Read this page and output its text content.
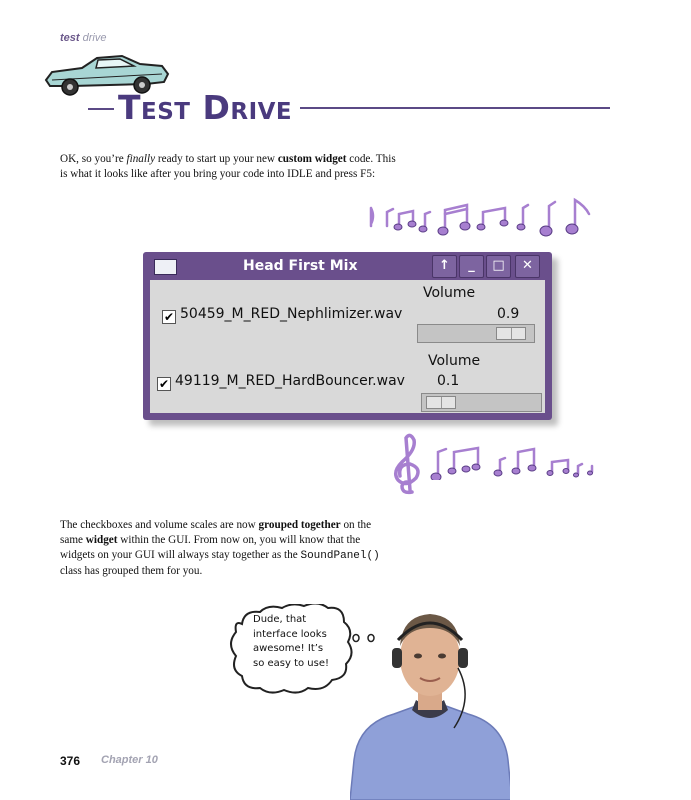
test drive
Test Drive
OK, so you’re finally ready to start up your new custom widget code. This
is what it looks like after you bring your code into IDLE and press F5:
Head First Mix	↑	_	□	✕
Volume
✔ 50459_M_RED_Nephlimizer.wav	0.9
Volume
✔ 49119_M_RED_HardBouncer.wav 0.1
The checkboxes and volume scales are now grouped together on the
same widget within the GUI. From now on, you will know that the
widgets on your GUI will always stay together as the SoundPanel()
class has grouped them for you.
Dude, that
interface looks
awesome! It’s
so easy to use!
376 Chapter 10
